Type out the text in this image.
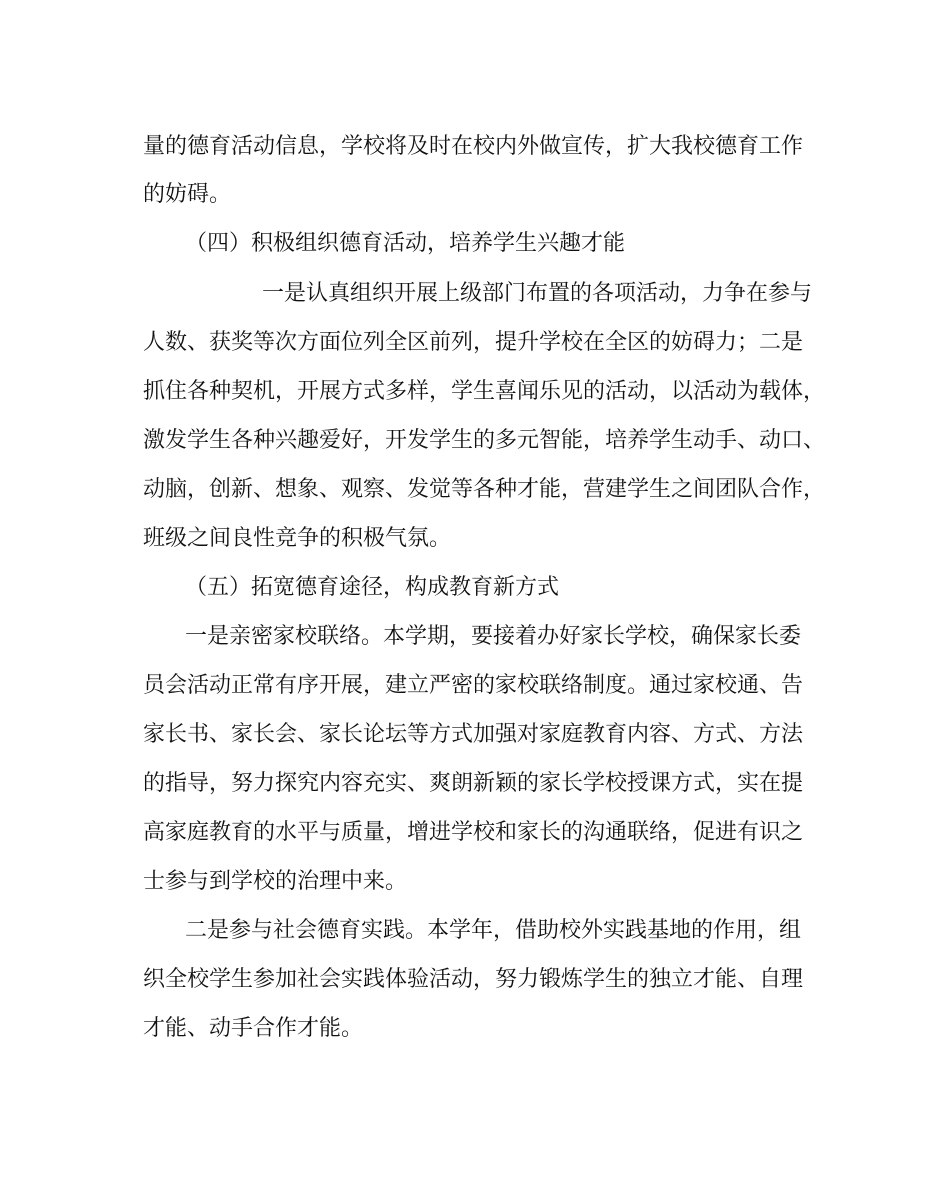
量的德育活动信息，学校将及时在校内外做宣传，扩大我校德育工作
的妨碍。
（四）积极组织德育活动，培养学生兴趣才能
一是认真组织开展上级部门布置的各项活动，力争在参与
人数、获奖等次方面位列全区前列，提升学校在全区的妨碍力；二是
抓住各种契机，开展方式多样，学生喜闻乐见的活动，以活动为载体，
激发学生各种兴趣爱好，开发学生的多元智能，培养学生动手、动口、
动脑，创新、想象、观察、发觉等各种才能，营建学生之间团队合作，
班级之间良性竞争的积极气氛。
（五）拓宽德育途径，构成教育新方式
一是亲密家校联络。本学期，要接着办好家长学校，确保家长委
员会活动正常有序开展，建立严密的家校联络制度。通过家校通、告
家长书、家长会、家长论坛等方式加强对家庭教育内容、方式、方法
的指导，努力探究内容充实、爽朗新颖的家长学校授课方式，实在提
高家庭教育的水平与质量，增进学校和家长的沟通联络，促进有识之
士参与到学校的治理中来。
二是参与社会德育实践。本学年，借助校外实践基地的作用，组
织全校学生参加社会实践体验活动，努力锻炼学生的独立才能、自理
才能、动手合作才能。
